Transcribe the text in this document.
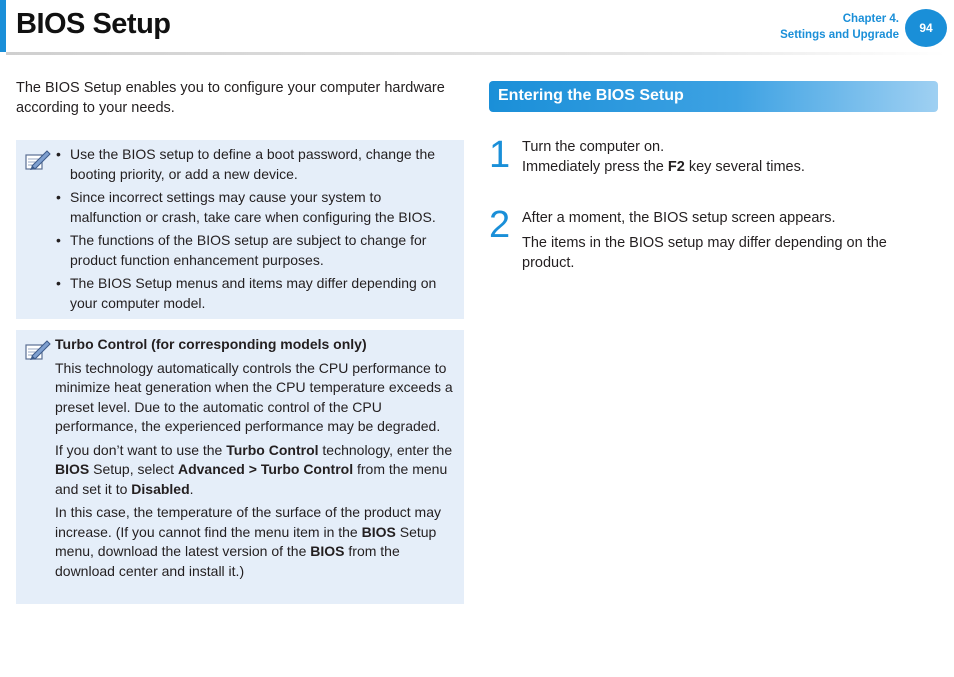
BIOS Setup	Chapter 4.
Settings and Upgrade	94
The BIOS Setup enables you to configure your computer hardware according to your needs.
• Use the BIOS setup to define a boot password, change the booting priority, or add a new device.
• Since incorrect settings may cause your system to malfunction or crash, take care when configuring the BIOS.
• The functions of the BIOS setup are subject to change for product function enhancement purposes.
• The BIOS Setup menus and items may differ depending on your computer model.

Turbo Control (for corresponding models only)

This technology automatically controls the CPU performance to minimize heat generation when the CPU temperature exceeds a preset level. Due to the automatic control of the CPU performance, the experienced performance may be degraded.

If you don’t want to use the Turbo Control technology, enter the BIOS Setup, select Advanced > Turbo Control from the menu and set it to Disabled.

In this case, the temperature of the surface of the product may increase. (If you cannot find the menu item in the BIOS Setup menu, download the latest version of the BIOS from the download center and install it.)

Entering the BIOS Setup
1 Turn the computer on.
Immediately press the F2 key several times.
2 After a moment, the BIOS setup screen appears.

The items in the BIOS setup may differ depending on the product.
